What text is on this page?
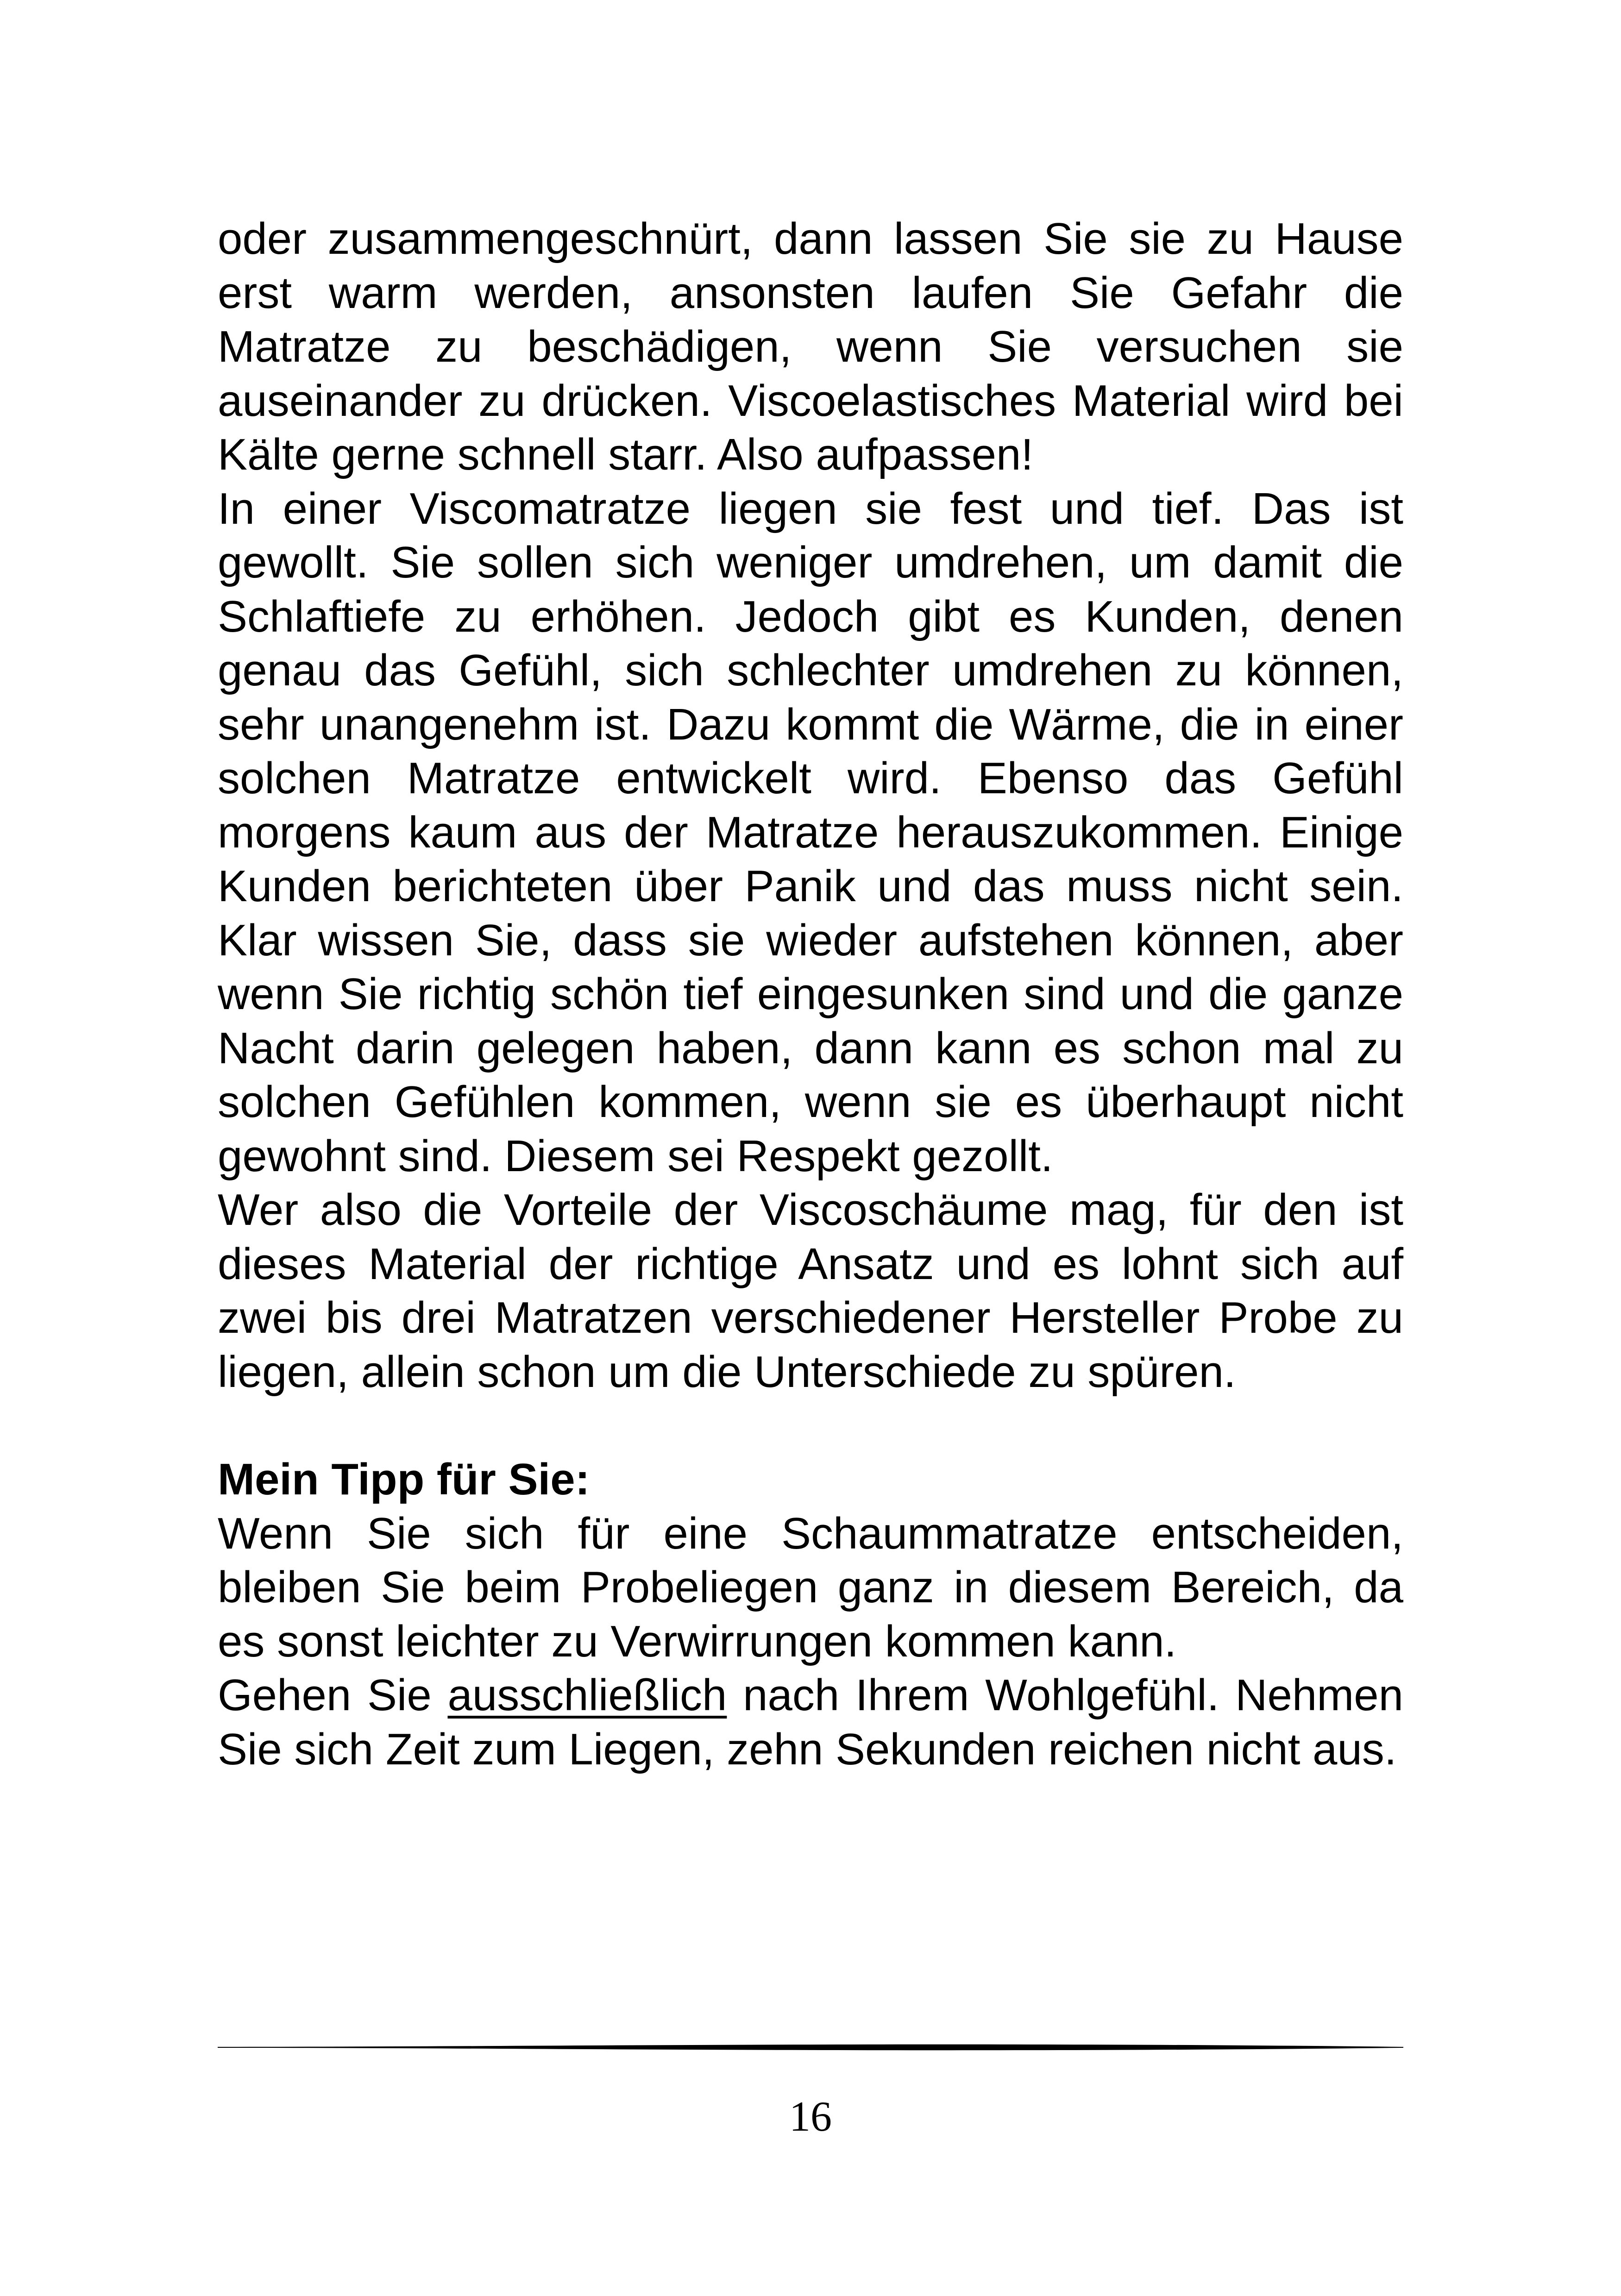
oder zusammengeschnürt, dann lassen Sie sie zu Hause erst warm werden, ansonsten laufen Sie Gefahr die Matratze zu beschädigen, wenn Sie versuchen sie auseinander zu drücken. Viscoelastisches Material wird bei Kälte gerne schnell starr. Also aufpassen!

In einer Viscomatratze liegen sie fest und tief. Das ist gewollt. Sie sollen sich weniger umdrehen, um damit die Schlaftiefe zu erhöhen. Jedoch gibt es Kunden, denen genau das Gefühl, sich schlechter umdrehen zu können, sehr unangenehm ist. Dazu kommt die Wärme, die in einer solchen Matratze entwickelt wird. Ebenso das Gefühl morgens kaum aus der Matratze herauszukommen. Einige Kunden berichteten über Panik und das muss nicht sein. Klar wissen Sie, dass sie wieder aufstehen können, aber wenn Sie richtig schön tief eingesunken sind und die ganze Nacht darin gelegen haben, dann kann es schon mal zu solchen Gefühlen kommen, wenn sie es überhaupt nicht gewohnt sind. Diesem sei Respekt gezollt.

Wer also die Vorteile der Viscoschäume mag, für den ist dieses Material der richtige Ansatz und es lohnt sich auf zwei bis drei Matratzen verschiedener Hersteller Probe zu liegen, allein schon um die Unterschiede zu spüren.

Mein Tipp für Sie:

Wenn Sie sich für eine Schaummatratze entscheiden, bleiben Sie beim Probeliegen ganz in diesem Bereich, da es sonst leichter zu Verwirrungen kommen kann.

Gehen Sie ausschließlich nach Ihrem Wohlgefühl. Nehmen Sie sich Zeit zum Liegen, zehn Sekunden reichen nicht aus.

16
